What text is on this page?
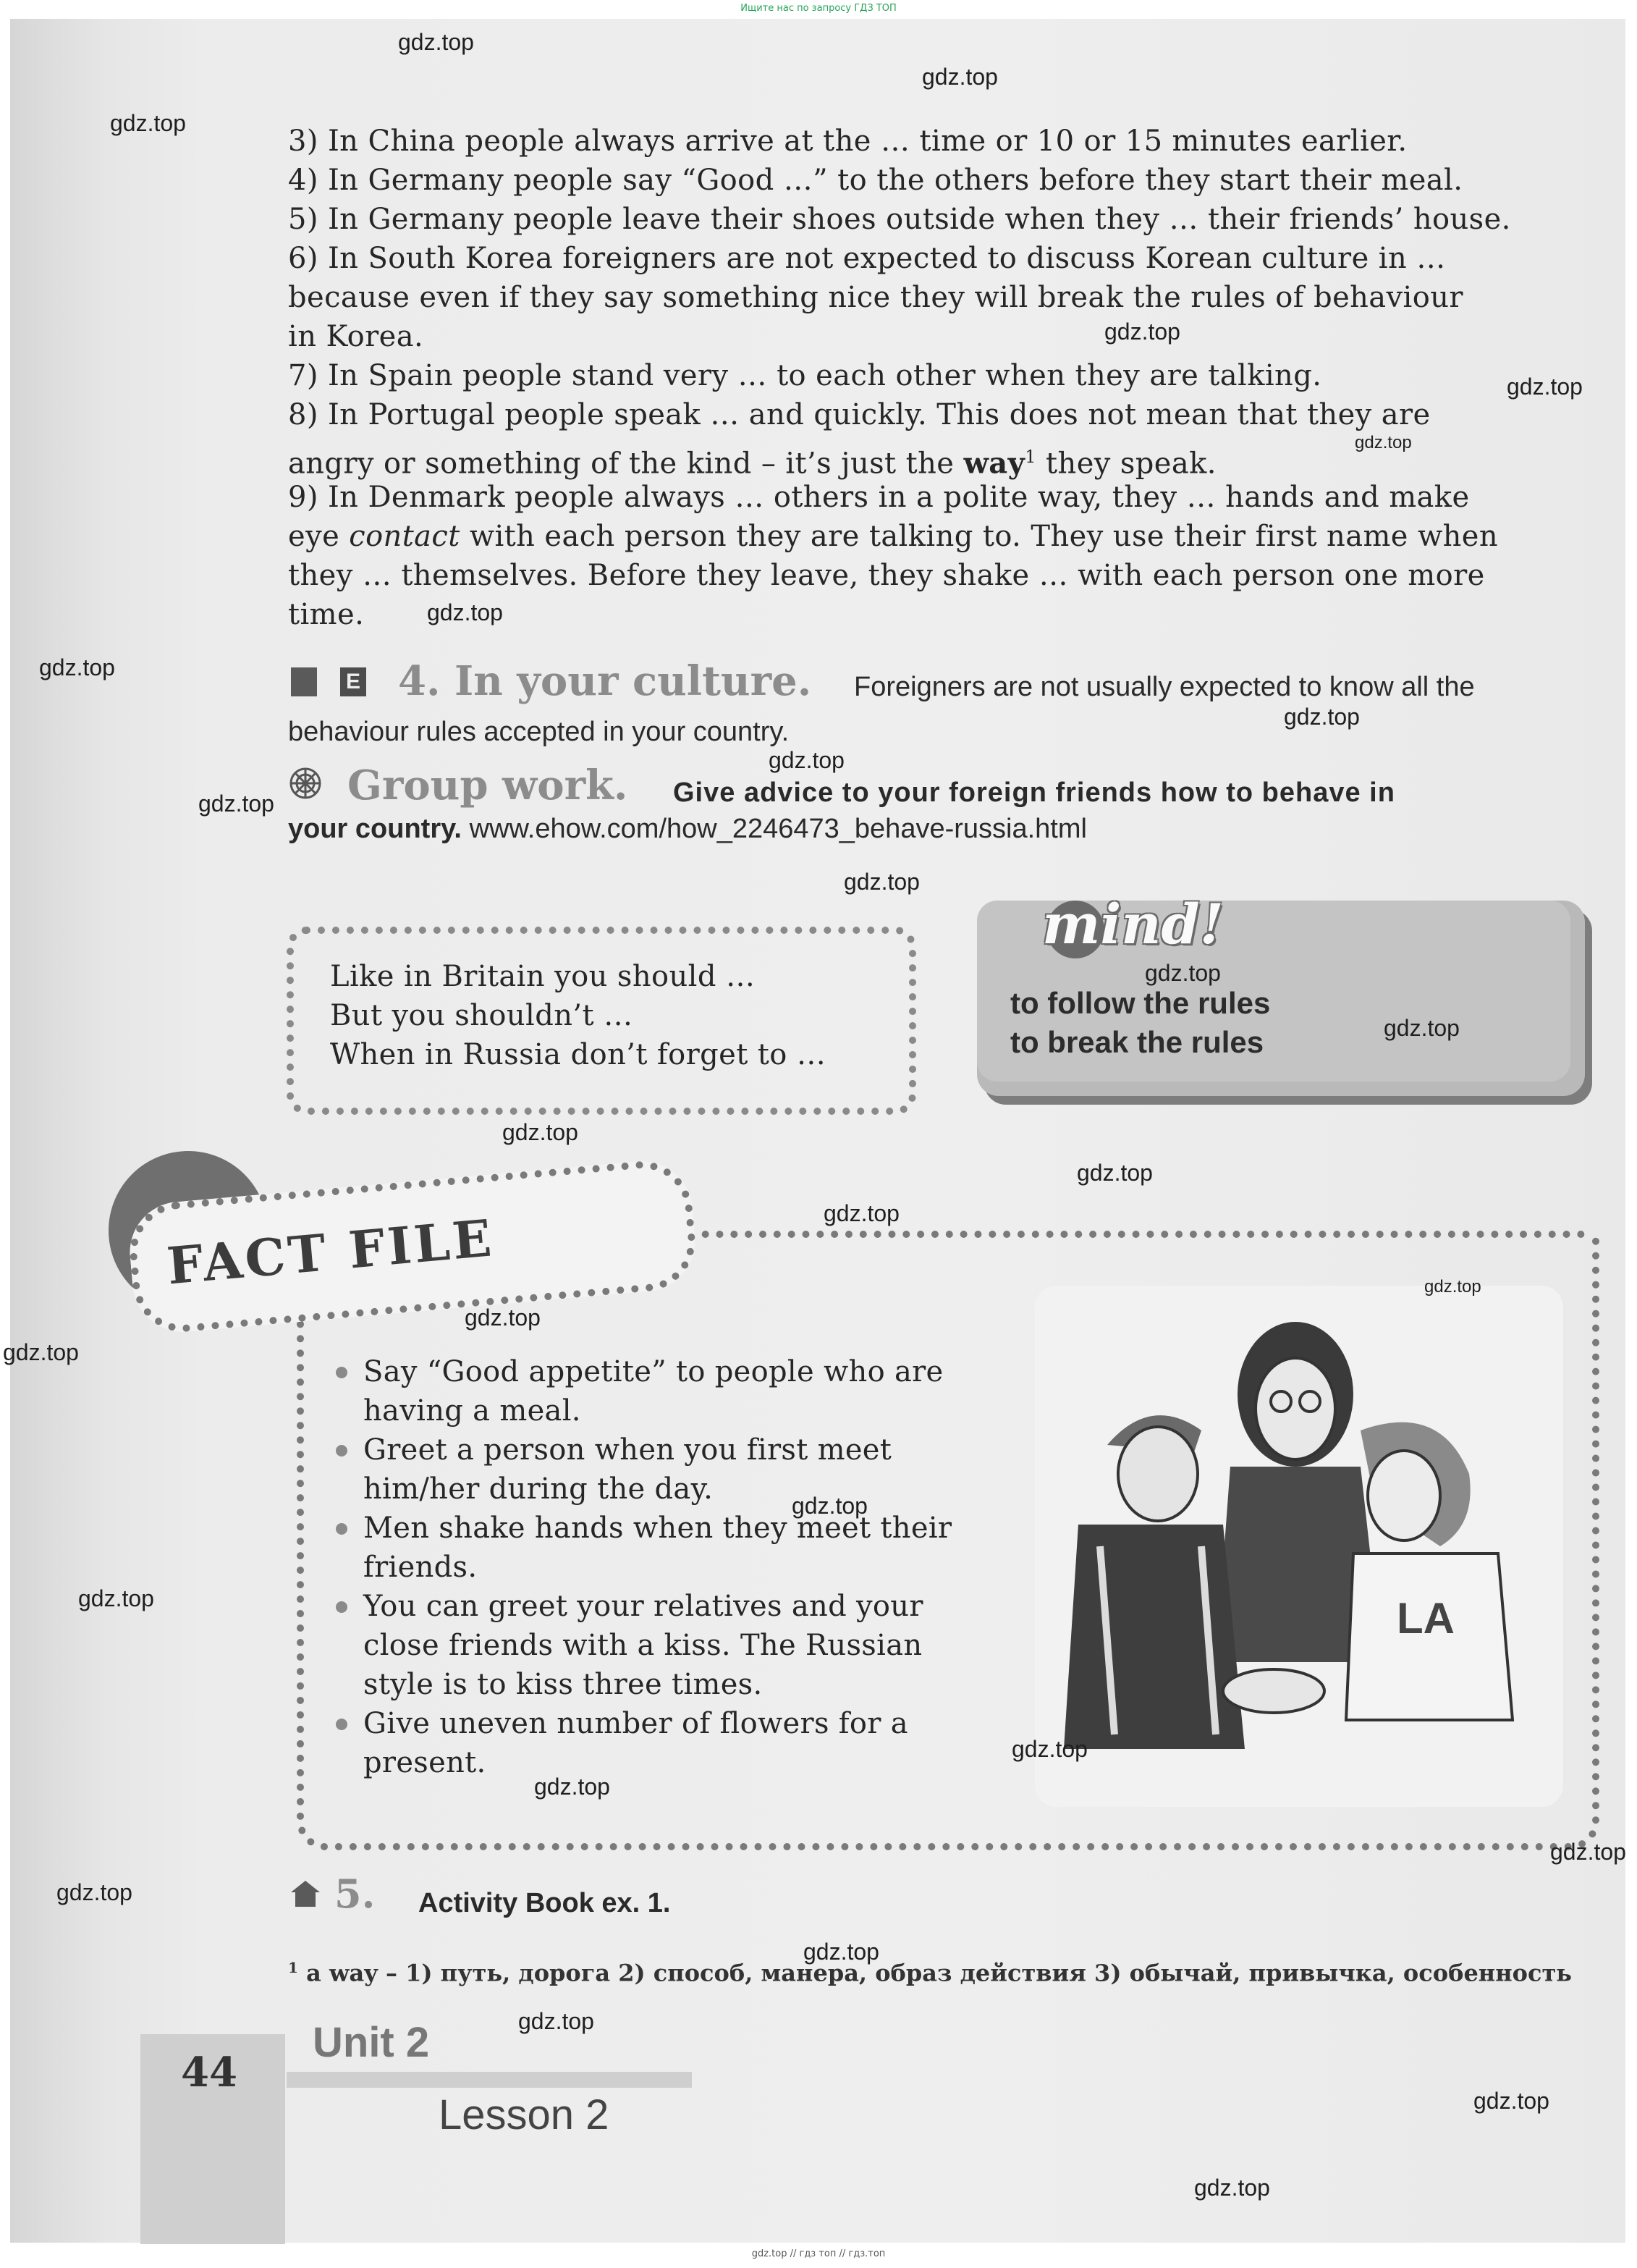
Ищите нас по запросу ГДЗ ТОП
3) In China people always arrive at the … time or 10 or 15 minutes earlier.
4) In Germany people say “Good …” to the others before they start their meal.
5) In Germany people leave their shoes outside when they … their friends’ house.
6) In South Korea foreigners are not expected to discuss Korean culture in …
because even if they say something nice they will break the rules of behaviour
in Korea.
7) In Spain people stand very … to each other when they are talking.
8) In Portugal people speak … and quickly. This does not mean that they are
angry or something of the kind – it’s just the way$^1$ they speak.
9) In Denmark people always … others in a polite way, they … hands and make
eye contact with each person they are talking to. They use their first name when
they … themselves. Before they leave, they shake … with each person one more
time.
E 4. In your culture. Foreigners are not usually expected to know all the
behaviour rules accepted in your country.
Group work. Give advice to your foreign friends how to behave in
your country. www.ehow.com/how_2246473_behave-russia.html
Like in Britain you should …
But you shouldn’t …
When in Russia don’t forget to …
mind!
to follow the rules
to break the rules
FACT FILE
Say “Good appetite” to people who are
having a meal.
Greet a person when you first meet
him/her during the day.
Men shake hands when they meet their
friends.
You can greet your relatives and your
close friends with a kiss. The Russian
style is to kiss three times.
Give uneven number of flowers for a
present.
LA
5. Activity Book ex. 1.
$^1$ a way – 1) путь, дорога 2) способ, манера, образ действия 3) обычай, привычка, особенность
44
Unit 2
Lesson 2
gdz.top
gdz.top
gdz.top
gdz.top
gdz.top
gdz.top
gdz.top
gdz.top
gdz.top
gdz.top
gdz.top
gdz.top
gdz.top
gdz.top
gdz.top
gdz.top
gdz.top
gdz.top
gdz.top
gdz.top
gdz.top
gdz.top
gdz.top
gdz.top
gdz.top
gdz.top
gdz.top
gdz.top
gdz.top
gdz.top
gdz.top // гдз топ // гдз.топ
